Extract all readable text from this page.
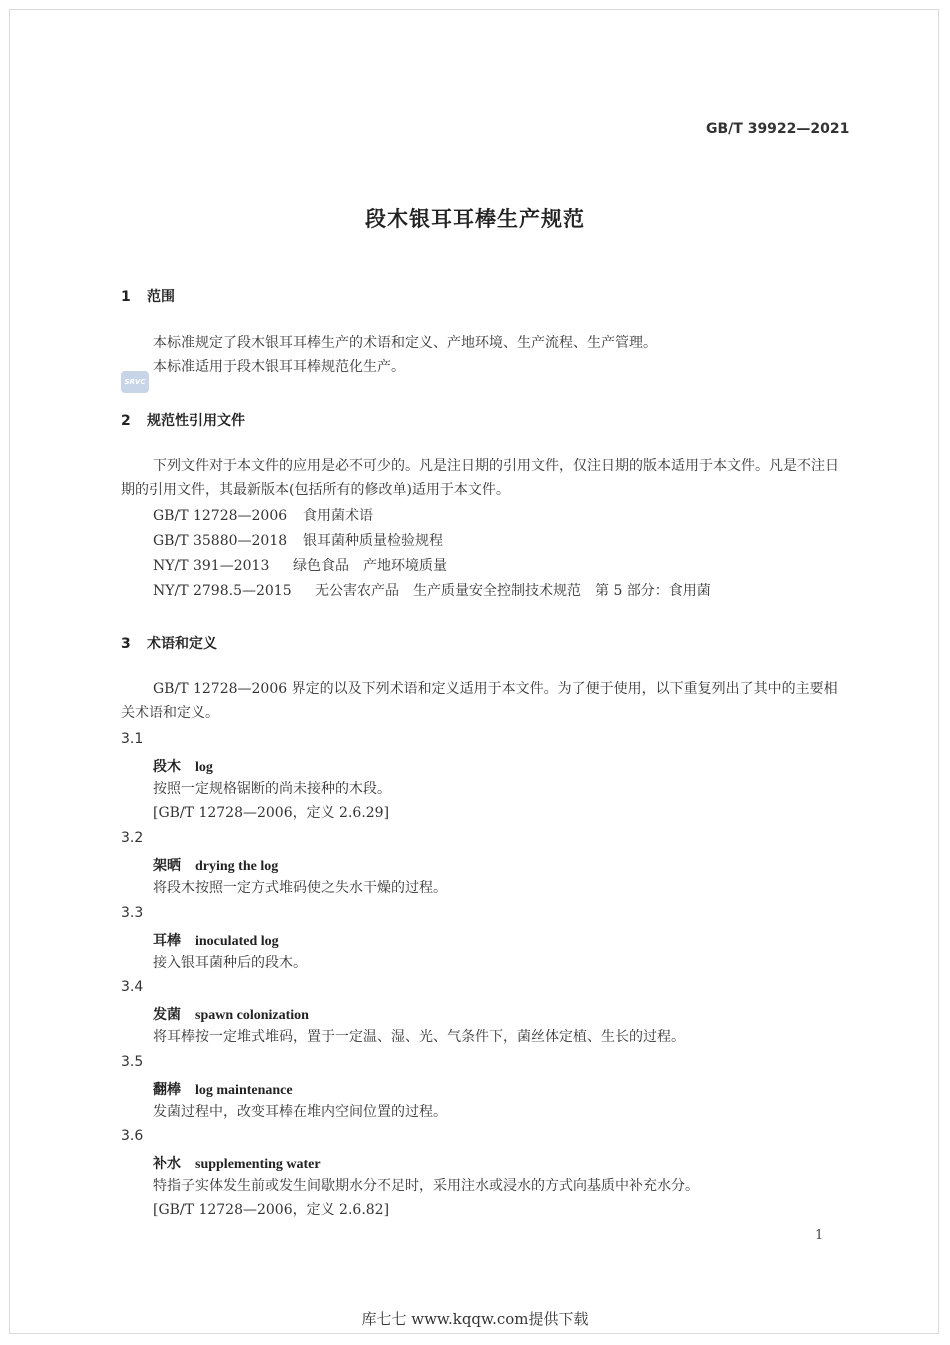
GB/T 39922—2021
段木银耳耳棒生产规范
1 范围
本标准规定了段木银耳耳棒生产的术语和定义、产地环境、生产流程、生产管理。
本标准适用于段木银耳耳棒规范化生产。
SRVC
2 规范性引用文件
下列文件对于本文件的应用是必不可少的。凡是注日期的引用文件，仅注日期的版本适用于本文件。凡是不注日期的引用文件，其最新版本(包括所有的修改单)适用于本文件。
GB/T 12728—2006 食用菌术语
GB/T 35880—2018 银耳菌种质量检验规程
NY/T 391—2013 绿色食品　产地环境质量
NY/T 2798.5—2015 无公害农产品　生产质量安全控制技术规范　第 5 部分：食用菌
3 术语和定义
GB/T 12728—2006 界定的以及下列术语和定义适用于本文件。为了便于使用，以下重复列出了其中的主要相关术语和定义。
3.1
段木 log
按照一定规格锯断的尚未接种的木段。
[GB/T 12728—2006，定义 2.6.29]
3.2
架晒 drying the log
将段木按照一定方式堆码使之失水干燥的过程。
3.3
耳棒 inoculated log
接入银耳菌种后的段木。
3.4
发菌 spawn colonization
将耳棒按一定堆式堆码，置于一定温、湿、光、气条件下，菌丝体定植、生长的过程。
3.5
翻棒 log maintenance
发菌过程中，改变耳棒在堆内空间位置的过程。
3.6
补水 supplementing water
特指子实体发生前或发生间歇期水分不足时，采用注水或浸水的方式向基质中补充水分。
[GB/T 12728—2006，定义 2.6.82]
1
库七七 www.kqqw.com提供下载
